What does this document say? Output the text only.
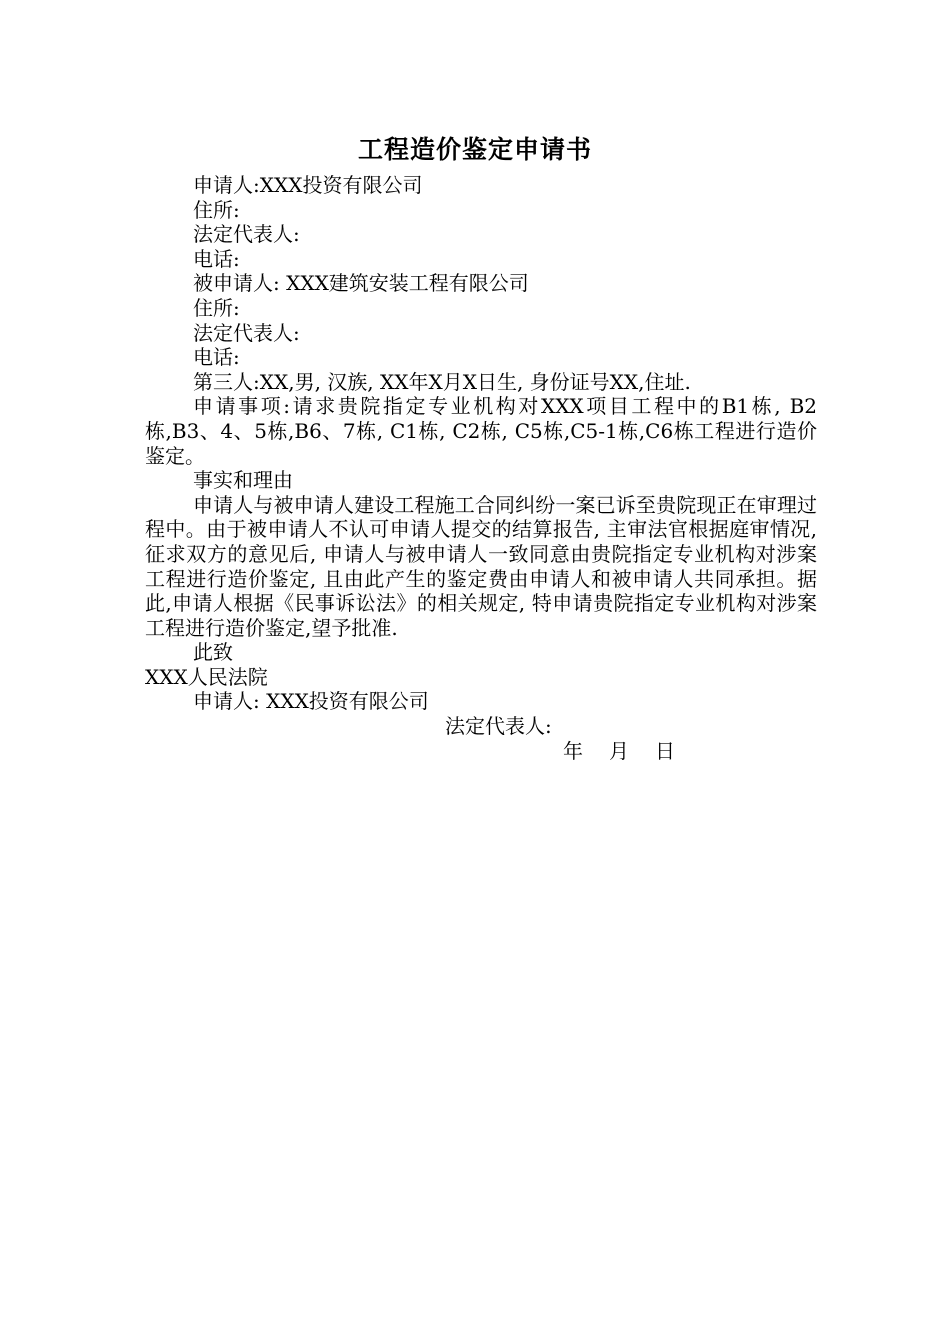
工程造价鉴定申请书
申请人:XXX投资有限公司
住所:
法定代表人:
电话:
被申请人: XXX建筑安装工程有限公司
住所:
法定代表人:
电话:
第三人:XX,男, 汉族, XX年X月X日生, 身份证号XX,住址.
申请事项:请求贵院指定专业机构对XXX项目工程中的B1栋, B2栋,B3、4、5栋,B6、7栋, C1栋, C2栋, C5栋,C5-1栋,C6栋工程进行造价鉴定。
事实和理由
申请人与被申请人建设工程施工合同纠纷一案已诉至贵院现正在审理过程中。由于被申请人不认可申请人提交的结算报告, 主审法官根据庭审情况,征求双方的意见后, 申请人与被申请人一致同意由贵院指定专业机构对涉案工程进行造价鉴定, 且由此产生的鉴定费由申请人和被申请人共同承担。据此,申请人根据《民事诉讼法》的相关规定, 特申请贵院指定专业机构对涉案工程进行造价鉴定,望予批准.
此致
XXX人民法院
申请人: XXX投资有限公司
法定代表人:
年 月 日
